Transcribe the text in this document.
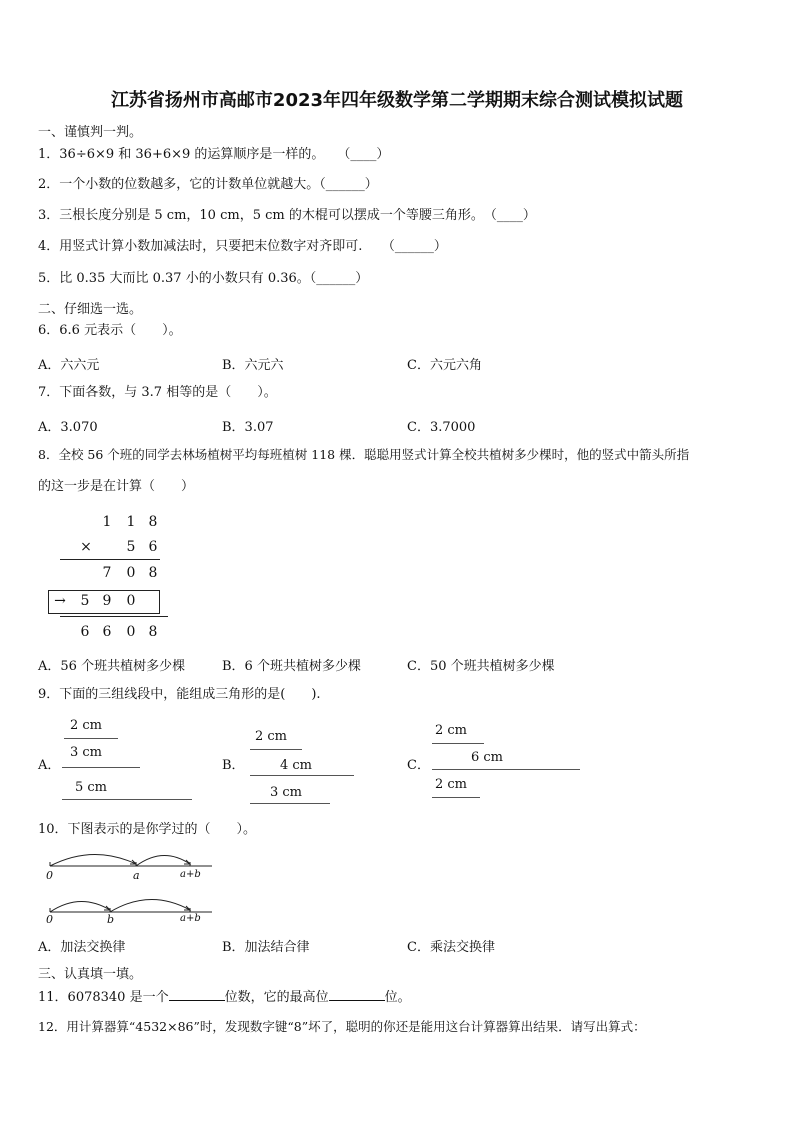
江苏省扬州市高邮市2023年四年级数学第二学期期末综合测试模拟试题
一、谨慎判一判。
1．36÷6×9 和 36+6×9 的运算顺序是一样的。　　（____）
2．一个小数的位数越多，它的计数单位就越大。（______）
3．三根长度分别是 5 cm，10 cm，5 cm 的木棍可以摆成一个等腰三角形。　（____）
4．用竖式计算小数加减法时，只要把末位数字对齐即可.　　（______）
5．比 0.35 大而比 0.37 小的小数只有 0.36。（______）
二、仔细选一选。
6．6.6 元表示（　　）。
A．六六元	B．六元六	C．六元六角
7．下面各数，与 3.7 相等的是（　　）。
A．3.070	B．3.07	C．3.7000
8．全校 56 个班的同学去林场植树平均每班植树 118 棵．聪聪用竖式计算全校共植树多少棵时，他的竖式中箭头所指
的这一步是在计算（　　）
1 1 8
× 5 6
7 0 8
→ 5 9 0
6 6 0 8
A．56 个班共植树多少棵	B．6 个班共植树多少棵	C．50 个班共植树多少棵
9．下面的三组线段中，能组成三角形的是(　　).
A．
2 cm
3 cm
5 cm
B．
2 cm
4 cm
3 cm
C．
2 cm
6 cm
2 cm
10．下图表示的是你学过的（　　）。
0	a	a+b
0	b	a+b
A．加法交换律	B．加法结合律	C．乘法交换律
三、认真填一填。
11．6078340 是一个	位数，它的最高位	位。
12．用计算器算“4532×86”时，发现数字键“8”坏了，聪明的你还是能用这台计算器算出结果．请写出算式：
